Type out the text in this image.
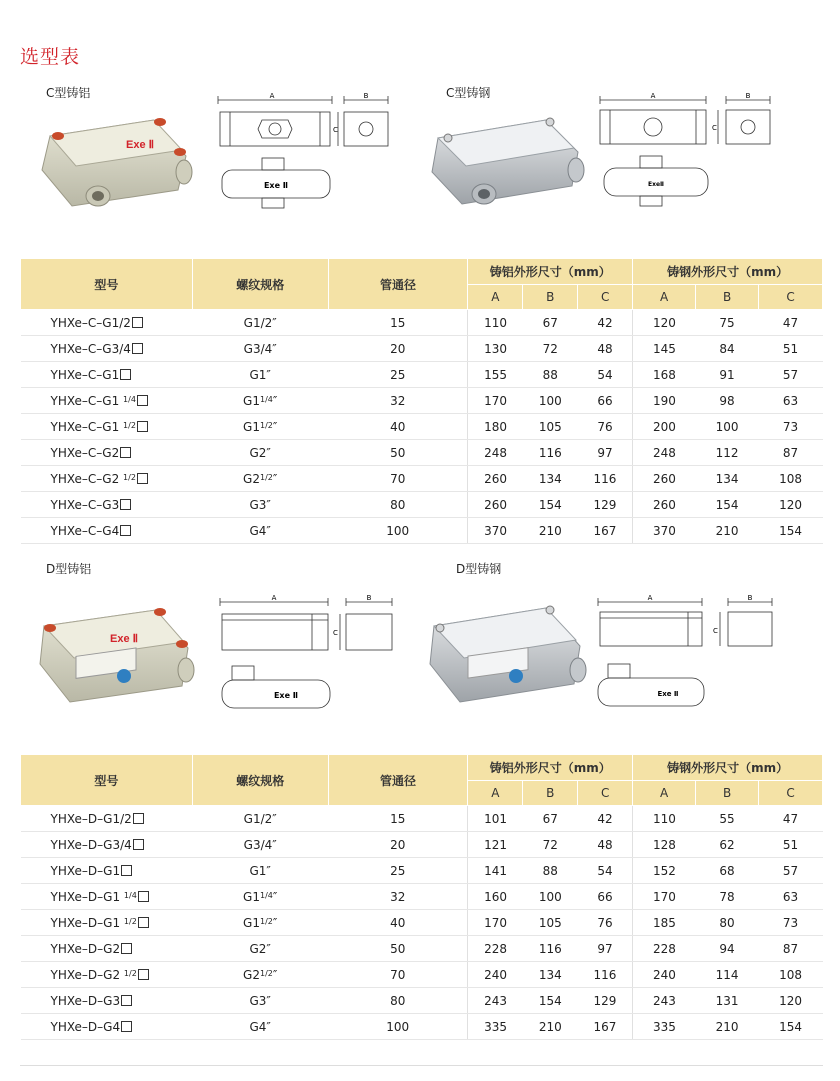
选型表
C型铸铝	C型铸钢
Exe Ⅱ
A	B
C
Exe Ⅱ
A	B
C
ExeⅡ
型号	螺纹规格	管通径	铸铝外形尺寸（mm）			铸钢外形尺寸（mm）		
			A	B	C	A	B	C
YHXe–C–G1/2	G1/2″	15	110	67	42	120	75	47
YHXe–C–G3/4	G3/4″	20	130	72	48	145	84	51
YHXe–C–G1	G1″	25	155	88	54	168	91	57
YHXe–C–G1 $^{1/4}$	$G1^{1/4}''$	32	170	100	66	190	98	63
YHXe–C–G1 $^{1/2}$	$G1^{1/2}''$	40	180	105	76	200	100	73
YHXe–C–G2	G2″	50	248	116	97	248	112	87
YHXe–C–G2 $^{1/2}$	$G2^{1/2}''$	70	260	134	116	260	134	108
YHXe–C–G3	G3″	80	260	154	129	260	154	120
YHXe–C–G4	G4″	100	370	210	167	370	210	154
D型铸铝	D型铸钢
Exe Ⅱ
A	B
C
Exe Ⅱ
A	B
C
Exe Ⅱ
型号	螺纹规格	管通径	铸铝外形尺寸（mm）			铸钢外形尺寸（mm）		
			A	B	C	A	B	C
YHXe–D–G1/2	G1/2″	15	101	67	42	110	55	47
YHXe–D–G3/4	G3/4″	20	121	72	48	128	62	51
YHXe–D–G1	G1″	25	141	88	54	152	68	57
YHXe–D–G1 $^{1/4}$	$G1^{1/4}''$	32	160	100	66	170	78	63
YHXe–D–G1 $^{1/2}$	$G1^{1/2}''$	40	170	105	76	185	80	73
YHXe–D–G2	G2″	50	228	116	97	228	94	87
YHXe–D–G2 $^{1/2}$	$G2^{1/2}''$	70	240	134	116	240	114	108
YHXe–D–G3	G3″	80	243	154	129	243	131	120
YHXe–D–G4	G4″	100	335	210	167	335	210	154
